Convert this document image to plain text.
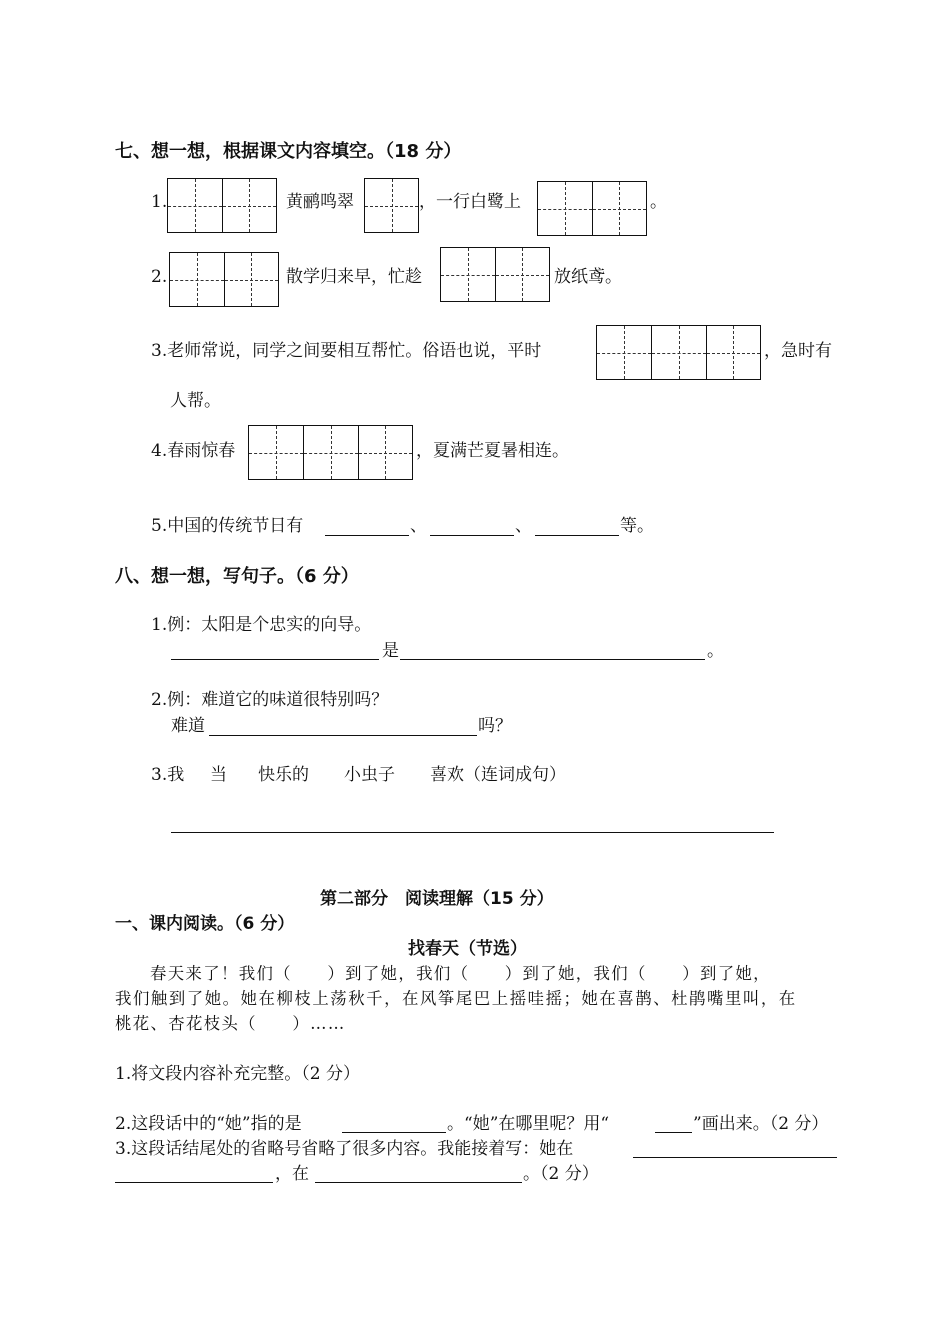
七、想一想，根据课文内容填空。（18 分）
1.	黄鹂鸣翠	，一行白鹭上	。
2.	散学归来早，忙趁	放纸鸢。
3.老师常说，同学之间要相互帮忙。俗语也说，平时	，急时有
人帮。
4.春雨惊春	，夏满芒夏暑相连。
5.中国的传统节日有	、	、	等。
八、想一想，写句子。（6 分）
1.例：太阳是个忠实的向导。
是	。
2.例：难道它的味道很特别吗？
难道	吗？
3.我 当 快乐的 小虫子 喜欢（连词成句）
第二部分　阅读理解（15 分）
一、课内阅读。（6 分）
找春天（节选）
春天来了！我们（　　）到了她，我们（　　）到了她，我们（　　）到了她，
我们触到了她。她在柳枝上荡秋千，在风筝尾巴上摇哇摇；她在喜鹊、杜鹃嘴里叫，在
桃花、杏花枝头（　　）……
1.将文段内容补充完整。（2 分）
2.这段话中的“她”指的是	。“她”在哪里呢？用“	”画出来。（2 分）
3.这段话结尾处的省略号省略了很多内容。我能接着写：她在
，在	。（2 分）
